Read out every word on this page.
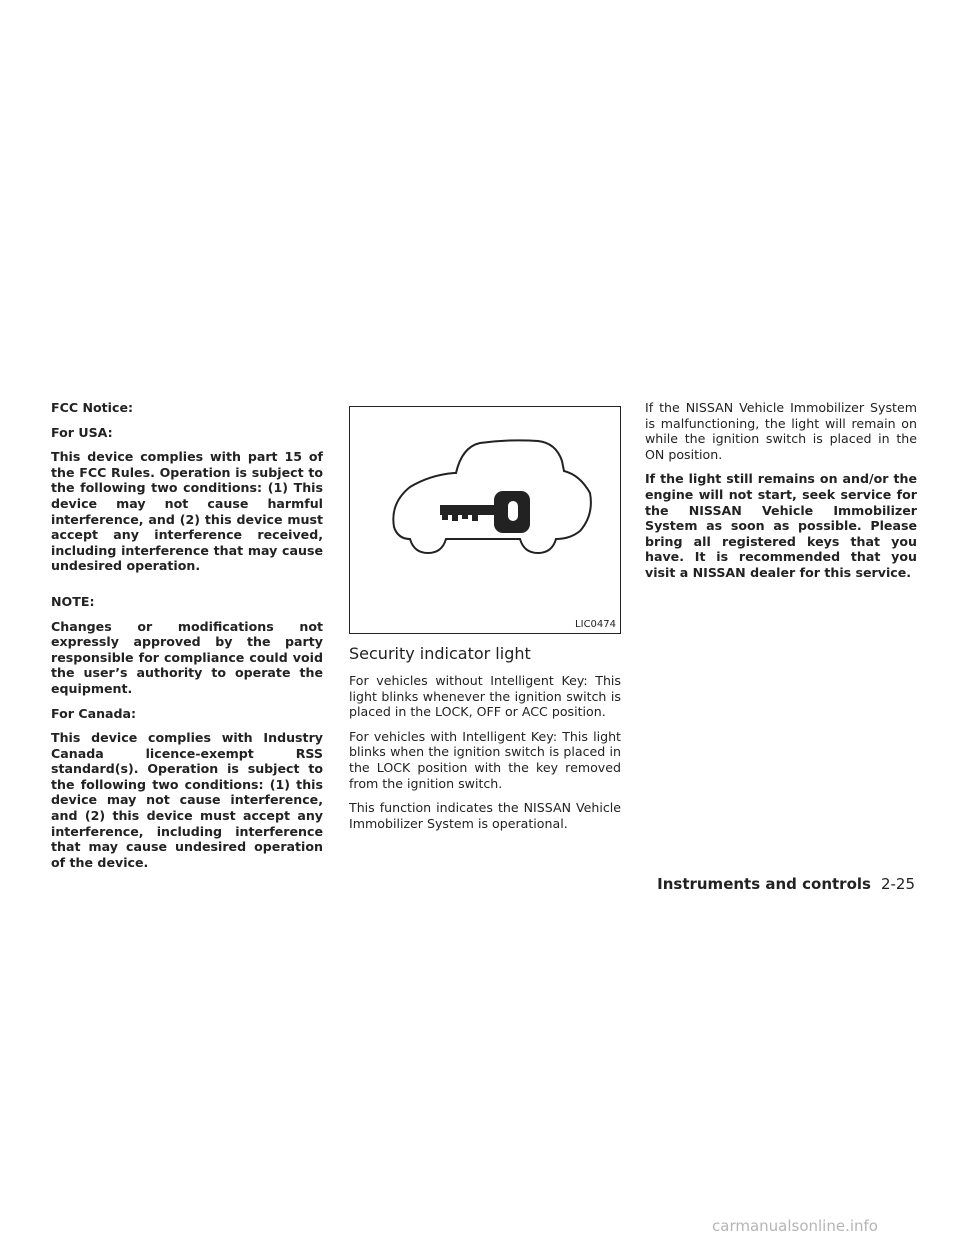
FCC Notice:

For USA:

This device complies with part 15 of the FCC Rules. Operation is subject to the following two conditions: (1) This device may not cause harmful interference, and (2) this device must accept any interference received, including interference that may cause undesired operation.

NOTE:

Changes or modifications not expressly approved by the party responsible for compliance could void the user’s authority to operate the equipment.

For Canada:

This device complies with Industry Canada licence-exempt RSS standard(s). Operation is subject to the following two conditions: (1) this device may not cause interference, and (2) this device must accept any interference, including interference that may cause undesired operation of the device.

LIC0474
Security indicator light

For vehicles without Intelligent Key: This light blinks whenever the ignition switch is placed in the LOCK, OFF or ACC position.

For vehicles with Intelligent Key: This light blinks when the ignition switch is placed in the LOCK position with the key removed from the ignition switch.

This function indicates the NISSAN Vehicle Immobilizer System is operational.

If the NISSAN Vehicle Immobilizer System is malfunctioning, the light will remain on while the ignition switch is placed in the ON position.

If the light still remains on and/or the engine will not start, seek service for the NISSAN Vehicle Immobilizer System as soon as possible. Please bring all registered keys that you have. It is recommended that you visit a NISSAN dealer for this service.

Instruments and controls 2-25
carmanualsonline.info
